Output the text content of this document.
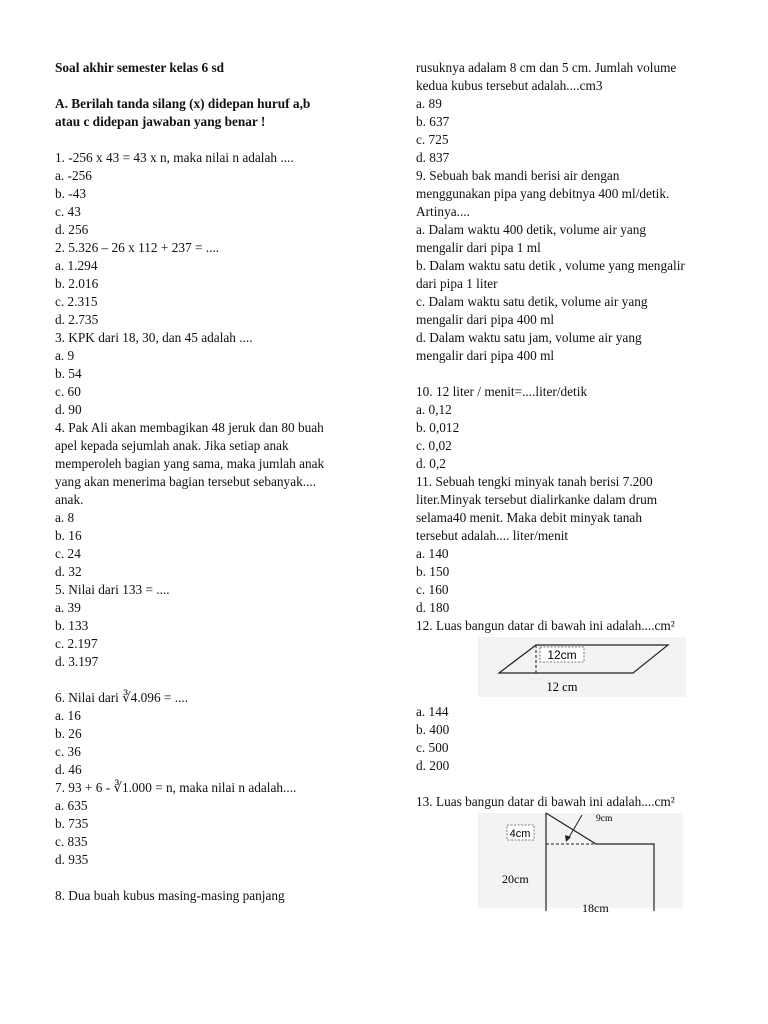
Soal akhir semester kelas 6 sd
A. Berilah tanda silang (x) didepan huruf a,b
atau c didepan jawaban yang benar !
1. -256 x 43 = 43 x n, maka nilai n adalah ....
a. -256
b. -43
c. 43
d. 256
2. 5.326 – 26 x 112 + 237 = ....
a. 1.294
b. 2.016
c. 2.315
d. 2.735
3. KPK dari 18, 30, dan 45 adalah ....
a. 9
b. 54
c. 60
d. 90
4. Pak Ali akan membagikan 48 jeruk dan 80 buah
apel kepada sejumlah anak. Jika setiap anak
memperoleh bagian yang sama, maka jumlah anak
yang akan menerima bagian tersebut sebanyak....
anak.
a. 8
b. 16
c. 24
d. 32
5. Nilai dari 133 = ....
a. 39
b. 133
c. 2.197
d. 3.197
6. Nilai dari ∛4.096 = ....
a. 16
b. 26
c. 36
d. 46
7. 93 + 6 - ∛1.000 = n, maka nilai n adalah....
a. 635
b. 735
c. 835
d. 935
8. Dua buah kubus masing-masing panjang
rusuknya adalam 8 cm dan 5 cm. Jumlah volume
kedua kubus tersebut adalah....cm3
a. 89
b. 637
c. 725
d. 837
9. Sebuah bak mandi berisi air dengan
menggunakan pipa yang debitnya 400 ml/detik.
Artinya....
a. Dalam waktu 400 detik, volume air yang
mengalir dari pipa 1 ml
b. Dalam waktu satu detik , volume yang mengalir
dari pipa 1 liter
c. Dalam waktu satu detik, volume air yang
mengalir dari pipa 400 ml
d. Dalam waktu satu jam, volume air yang
mengalir dari pipa 400 ml
10. 12 liter / menit=....liter/detik
a. 0,12
b. 0,012
c. 0,02
d. 0,2
11. Sebuah tengki minyak tanah berisi 7.200
liter.Minyak tersebut dialirkanke dalam drum
selama40 menit. Maka debit minyak tanah
tersebut adalah.... liter/menit
a. 140
b. 150
c. 160
d. 180
12. Luas bangun datar di bawah ini adalah....cm²
12cm
12 cm
a. 144
b. 400
c. 500
d. 200
13. Luas bangun datar di bawah ini adalah....cm²
9cm
4cm
20cm
18cm
